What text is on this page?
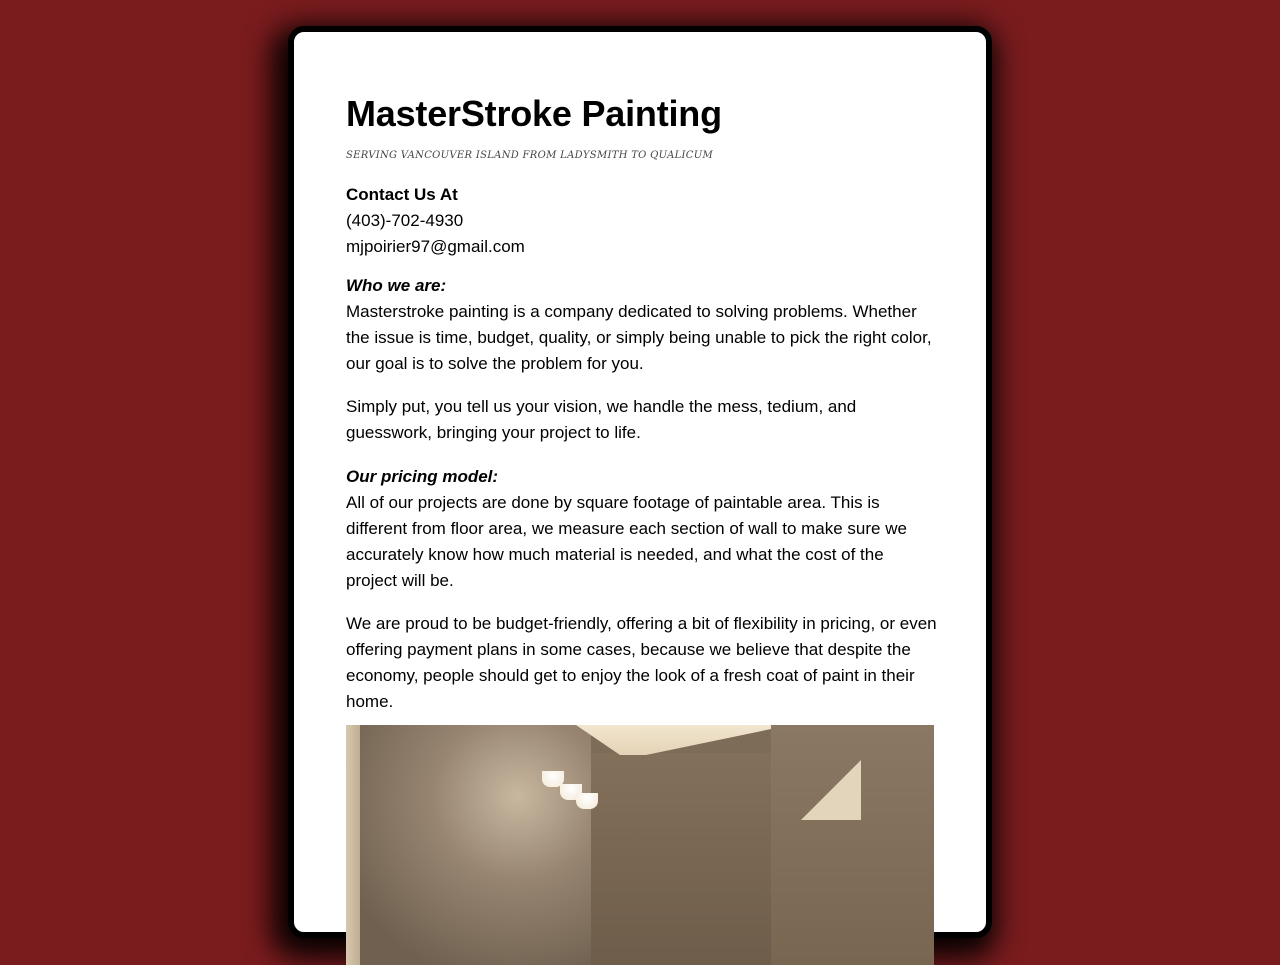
MasterStroke Painting
SERVING VANCOUVER ISLAND FROM LADYSMITH TO QUALICUM
Contact Us At
(403)-702-4930
mjpoirier97@gmail.com
Who we are:

Masterstroke painting is a company dedicated to solving problems. Whether the issue is time, budget, quality, or simply being unable to pick the right color, our goal is to solve the problem for you.

Simply put, you tell us your vision, we handle the mess, tedium, and guesswork, bringing your project to life.

Our pricing model:

All of our projects are done by square footage of paintable area. This is different from floor area, we measure each section of wall to make sure we accurately know how much material is needed, and what the cost of the project will be.

We are proud to be budget-friendly, offering a bit of flexibility in pricing, or even offering payment plans in some cases, because we believe that despite the economy, people should get to enjoy the look of a fresh coat of paint in their home.
